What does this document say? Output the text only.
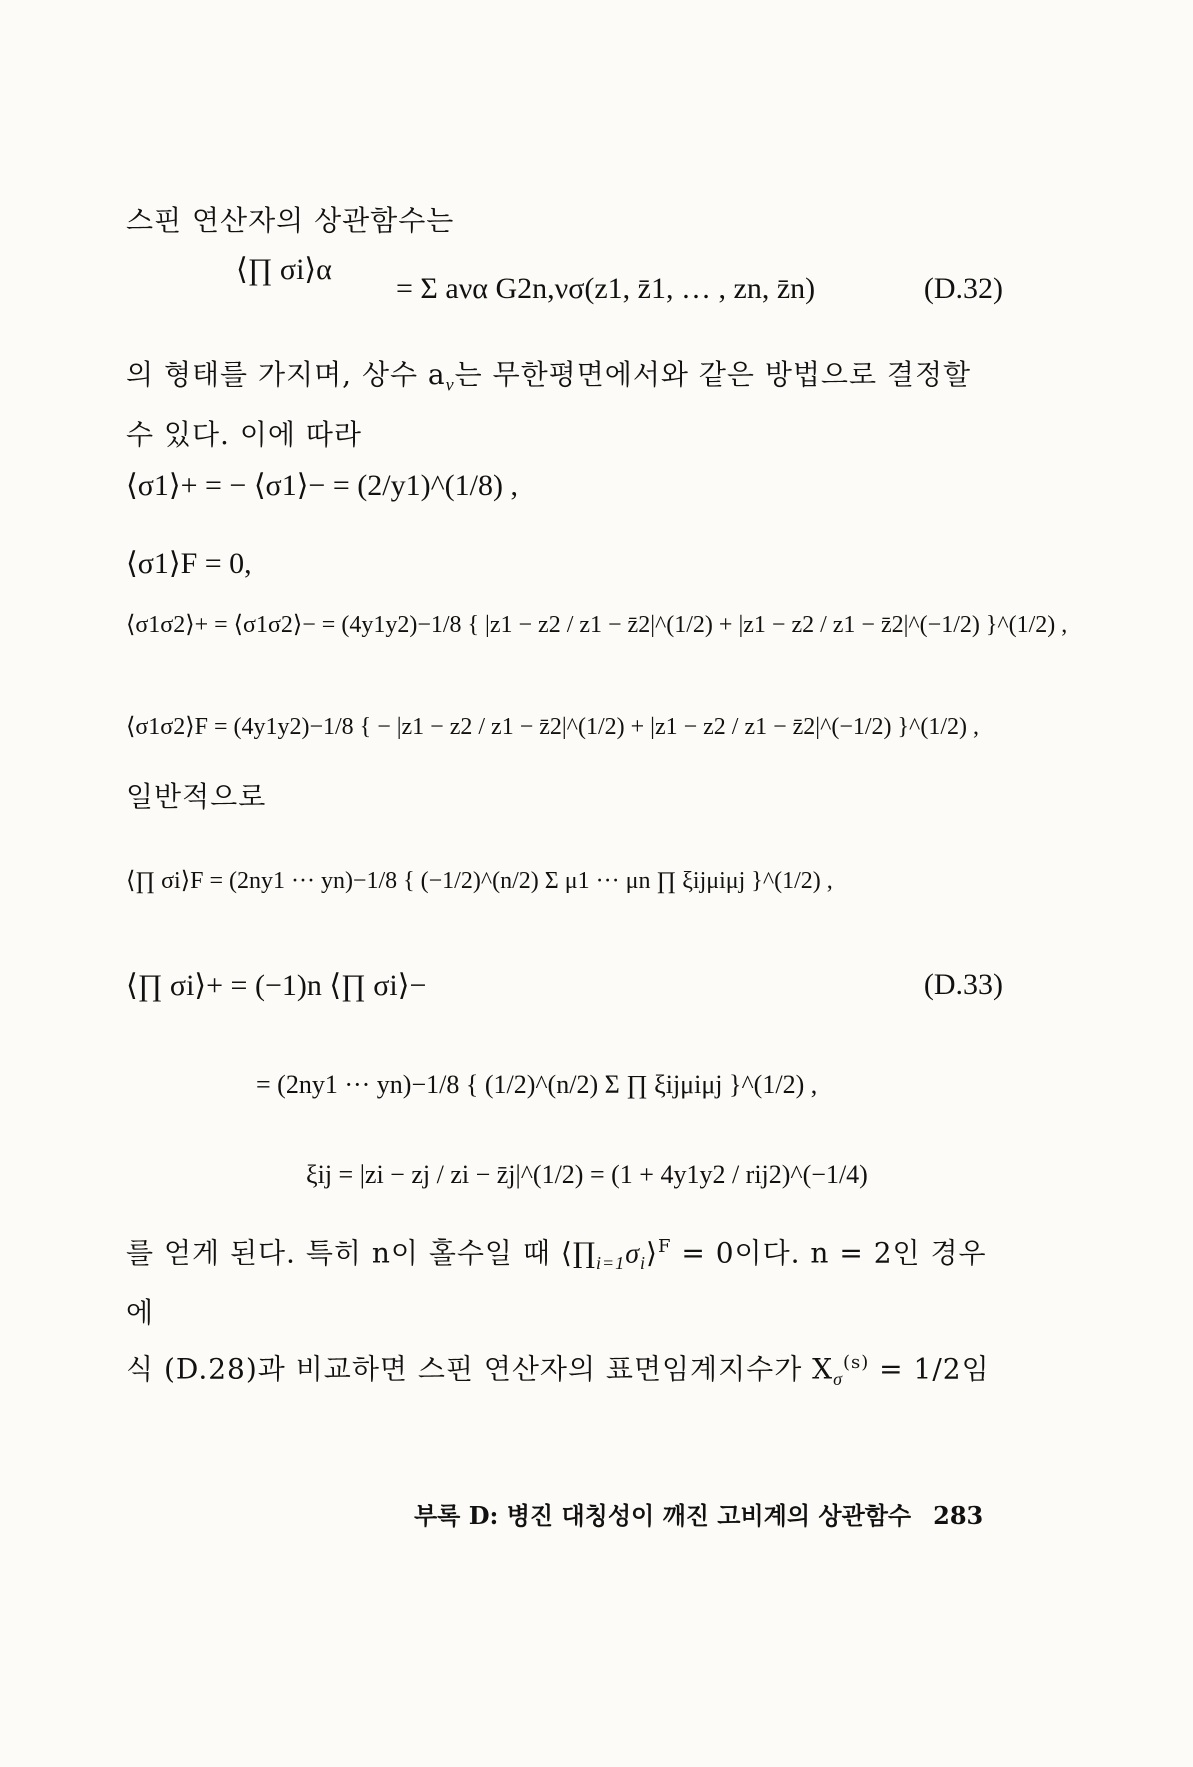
스핀 연산자의 상관함수는
⟨∏ σi⟩α
= Σ aνα G2n,νσ(z1, z̄1, … , zn, z̄n)	(D.32)
의 형태를 가지며, 상수 $a_\nu$는 무한평면에서와 같은 방법으로 결정할
수 있다. 이에 따라
⟨σ1⟩+ = − ⟨σ1⟩− = (2/y1)^(1/8) ,
⟨σ1⟩F = 0,
⟨σ1σ2⟩+ = ⟨σ1σ2⟩− = (4y1y2)−1/8 { |z1 − z2 / z1 − z̄2|^(1/2) + |z1 − z2 / z1 − z̄2|^(−1/2) }^(1/2) ,
⟨σ1σ2⟩F = (4y1y2)−1/8 { − |z1 − z2 / z1 − z̄2|^(1/2) + |z1 − z2 / z1 − z̄2|^(−1/2) }^(1/2) ,
일반적으로
⟨∏ σi⟩F = (2ny1 ··· yn)−1/8 { (−1/2)^(n/2) Σ μ1 ··· μn ∏ ξijμiμj }^(1/2) ,
⟨∏ σi⟩+ = (−1)n ⟨∏ σi⟩−	(D.33)
= (2ny1 ··· yn)−1/8 { (1/2)^(n/2) Σ ∏ ξijμiμj }^(1/2) ,
ξij = |zi − zj / zi − z̄j|^(1/2) = (1 + 4y1y2 / rij2)^(−1/4)
를 얻게 된다. 특히 n이 홀수일 때 $⟨\prod_{i=1}\sigma_i⟩^F = 0$이다. n = 2인 경우에
식 (D.28)과 비교하면 스핀 연산자의 표면임계지수가 $X_\sigma^{(s)} = 1/2$임
부록 D: 병진 대칭성이 깨진 고비계의 상관함수 283
